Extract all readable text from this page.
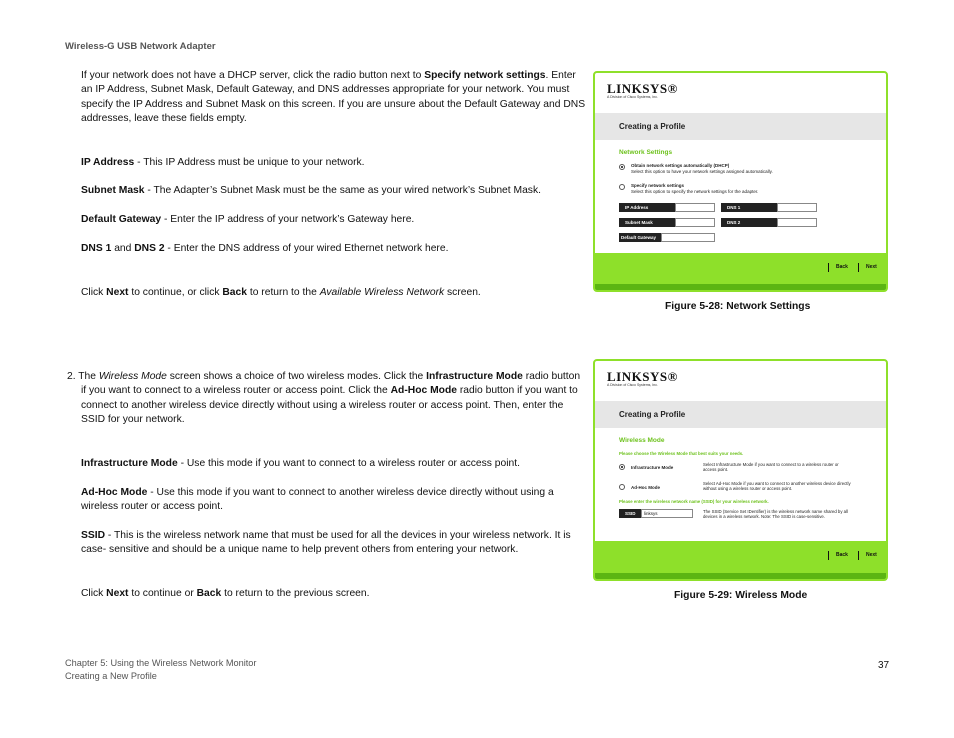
Wireless-G USB Network Adapter

If your network does not have a DHCP server, click the radio button next to Specify network settings. Enter an IP Address, Subnet Mask, Default Gateway, and DNS addresses appropriate for your network. You must specify the IP Address and Subnet Mask on this screen. If you are unsure about the Default Gateway and DNS addresses, leave these fields empty.

IP Address - This IP Address must be unique to your network.

Subnet Mask - The Adapter’s Subnet Mask must be the same as your wired network’s Subnet Mask.

Default Gateway - Enter the IP address of your network’s Gateway here.

DNS 1 and DNS 2 - Enter the DNS address of your wired Ethernet network here.

Click Next to continue, or click Back to return to the Available Wireless Network screen.

2. The Wireless Mode screen shows a choice of two wireless modes. Click the Infrastructure Mode radio button if you want to connect to a wireless router or access point. Click the Ad-Hoc Mode radio button if you want to connect to another wireless device directly without using a wireless router or access point. Then, enter the SSID for your network.

Infrastructure Mode - Use this mode if you want to connect to a wireless router or access point.

Ad-Hoc Mode - Use this mode if you want to connect to another wireless device directly without using a wireless router or access point.

SSID - This is the wireless network name that must be used for all the devices in your wireless network. It is case- sensitive and should be a unique name to help prevent others from entering your network.

Click Next to continue or Back to return to the previous screen.

LINKSYS®
A Division of Cisco Systems, Inc.
Creating a Profile
Network Settings
Obtain network settings automatically (DHCP)
Select this option to have your network settings assigned automatically.
Specify network settings
Select this option to specify the network settings for the adapter.
IP Address	DNS 1
Subnet Mask	DNS 2
Default Gateway
Back	Next
Figure 5-28: Network Settings
LINKSYS®
A Division of Cisco Systems, Inc.
Creating a Profile
Wireless Mode
Please choose the Wireless Mode that best suits your needs.
Infrastructure Mode
Select Infrastructure Mode if you want to connect to a wireless router or access point.
Ad-Hoc Mode
Select Ad-Hoc Mode if you want to connect to another wireless device directly without using a wireless router or access point.
Please enter the wireless network name (SSID) for your wireless network.
SSID	linksys	The SSID (Service Set IDentifier) is the wireless network name shared by all devices in a wireless network. Note: The SSID is case-sensitive.
Back	Next
Figure 5-29: Wireless Mode
Chapter 5: Using the Wireless Network Monitor
Creating a New Profile
37
